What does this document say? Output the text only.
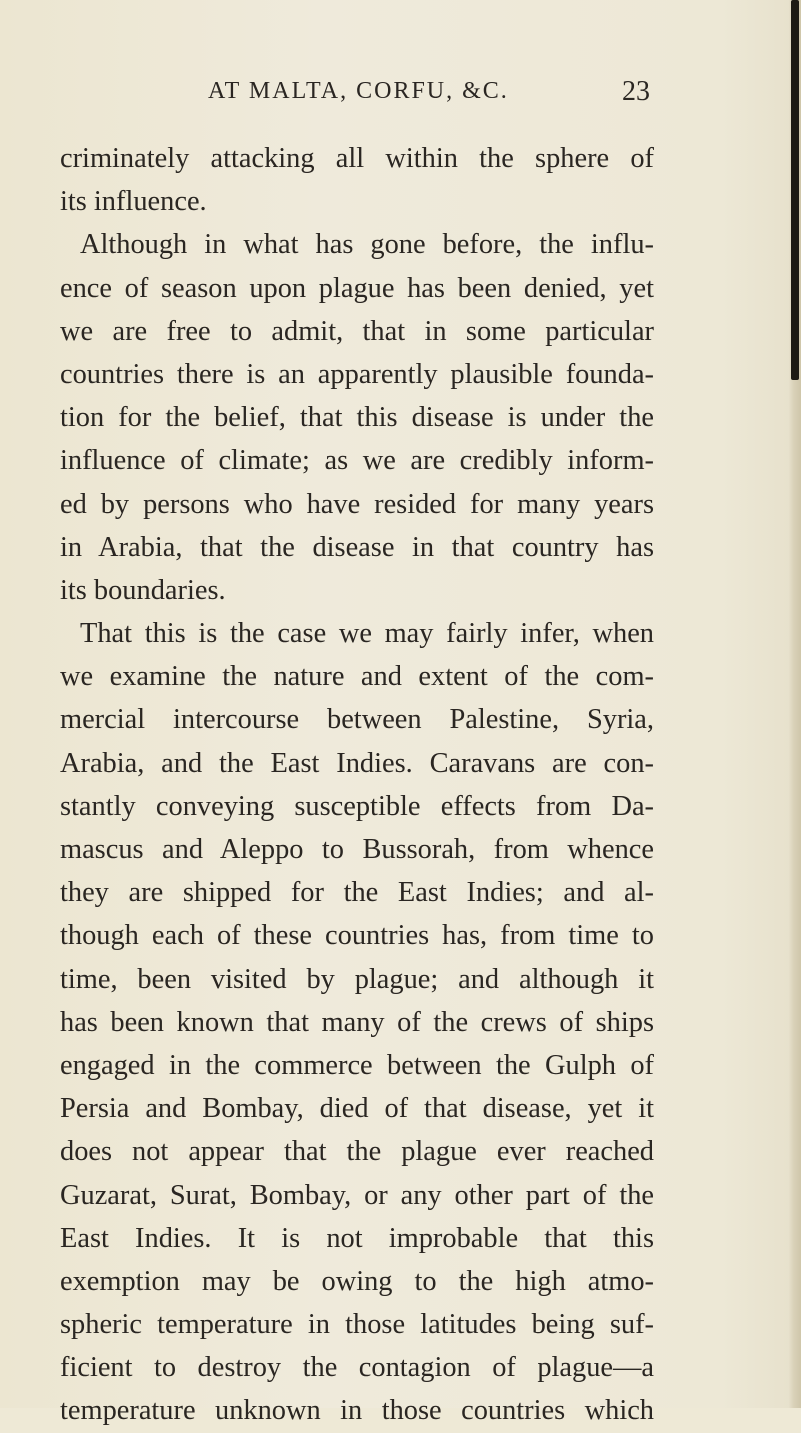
AT MALTA, CORFU, &C.	23
criminately attacking all within the sphere of
its influence.
Although in what has gone before, the influ-
ence of season upon plague has been denied, yet
we are free to admit, that in some particular
countries there is an apparently plausible founda-
tion for the belief, that this disease is under the
influence of climate; as we are credibly inform-
ed by persons who have resided for many years
in Arabia, that the disease in that country has
its boundaries.
That this is the case we may fairly infer, when
we examine the nature and extent of the com-
mercial intercourse between Palestine, Syria,
Arabia, and the East Indies. Caravans are con-
stantly conveying susceptible effects from Da-
mascus and Aleppo to Bussorah, from whence
they are shipped for the East Indies; and al-
though each of these countries has, from time to
time, been visited by plague; and although it
has been known that many of the crews of ships
engaged in the commerce between the Gulph of
Persia and Bombay, died of that disease, yet it
does not appear that the plague ever reached
Guzarat, Surat, Bombay, or any other part of the
East Indies. It is not improbable that this
exemption may be owing to the high atmo-
spheric temperature in those latitudes being suf-
ficient to destroy the contagion of plague—a
temperature unknown in those countries which
